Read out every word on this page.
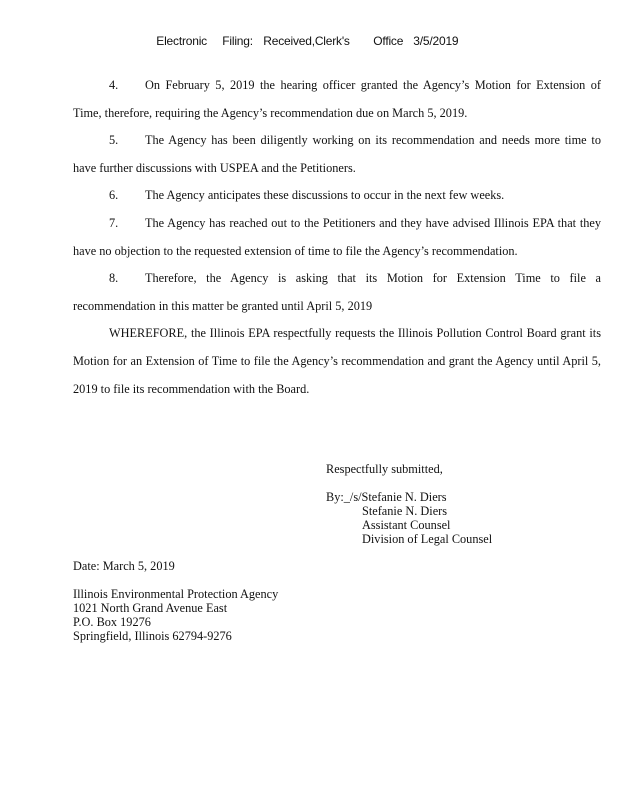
Electronic Filing: Received,Clerk's Office 3/5/2019

4. On February 5, 2019 the hearing officer granted the Agency’s Motion for Extension of Time, therefore, requiring the Agency’s recommendation due on March 5, 2019.

5. The Agency has been diligently working on its recommendation and needs more time to have further discussions with USPEA and the Petitioners.

6. The Agency anticipates these discussions to occur in the next few weeks.

7. The Agency has reached out to the Petitioners and they have advised Illinois EPA that they have no objection to the requested extension of time to file the Agency’s recommendation.

8. Therefore, the Agency is asking that its Motion for Extension Time to file a recommendation in this matter be granted until April 5, 2019

WHEREFORE, the Illinois EPA respectfully requests the Illinois Pollution Control Board grant its Motion for an Extension of Time to file the Agency’s recommendation and grant the Agency until April 5, 2019 to file its recommendation with the Board.

Respectfully submitted,
By:_/s/Stefanie N. Diers
Stefanie N. Diers
Assistant Counsel
Division of Legal Counsel
Date: March 5, 2019
Illinois Environmental Protection Agency
1021 North Grand Avenue East
P.O. Box 19276
Springfield, Illinois 62794-9276
